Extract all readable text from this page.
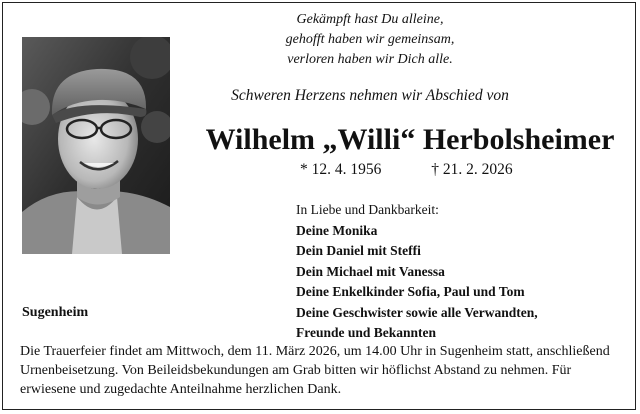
Gekämpft hast Du alleine,
gehofft haben wir gemeinsam,
verloren haben wir Dich alle.
Schweren Herzens nehmen wir Abschied von
Wilhelm „Willi“ Herbolsheimer
* 12. 4. 1956	† 21. 2. 2026
In Liebe und Dankbarkeit:
Deine Monika
Dein Daniel mit Steffi
Dein Michael mit Vanessa
Deine Enkelkinder Sofia, Paul und Tom
Deine Geschwister sowie alle Verwandten,
Freunde und Bekannten
Sugenheim
Die Trauerfeier findet am Mittwoch, dem 11. März 2026, um 14.00 Uhr in Sugenheim statt, anschließend Urnenbeisetzung. Von Beileidsbekundungen am Grab bitten wir höflichst Abstand zu nehmen. Für erwiesene und zugedachte Anteilnahme herzlichen Dank.
